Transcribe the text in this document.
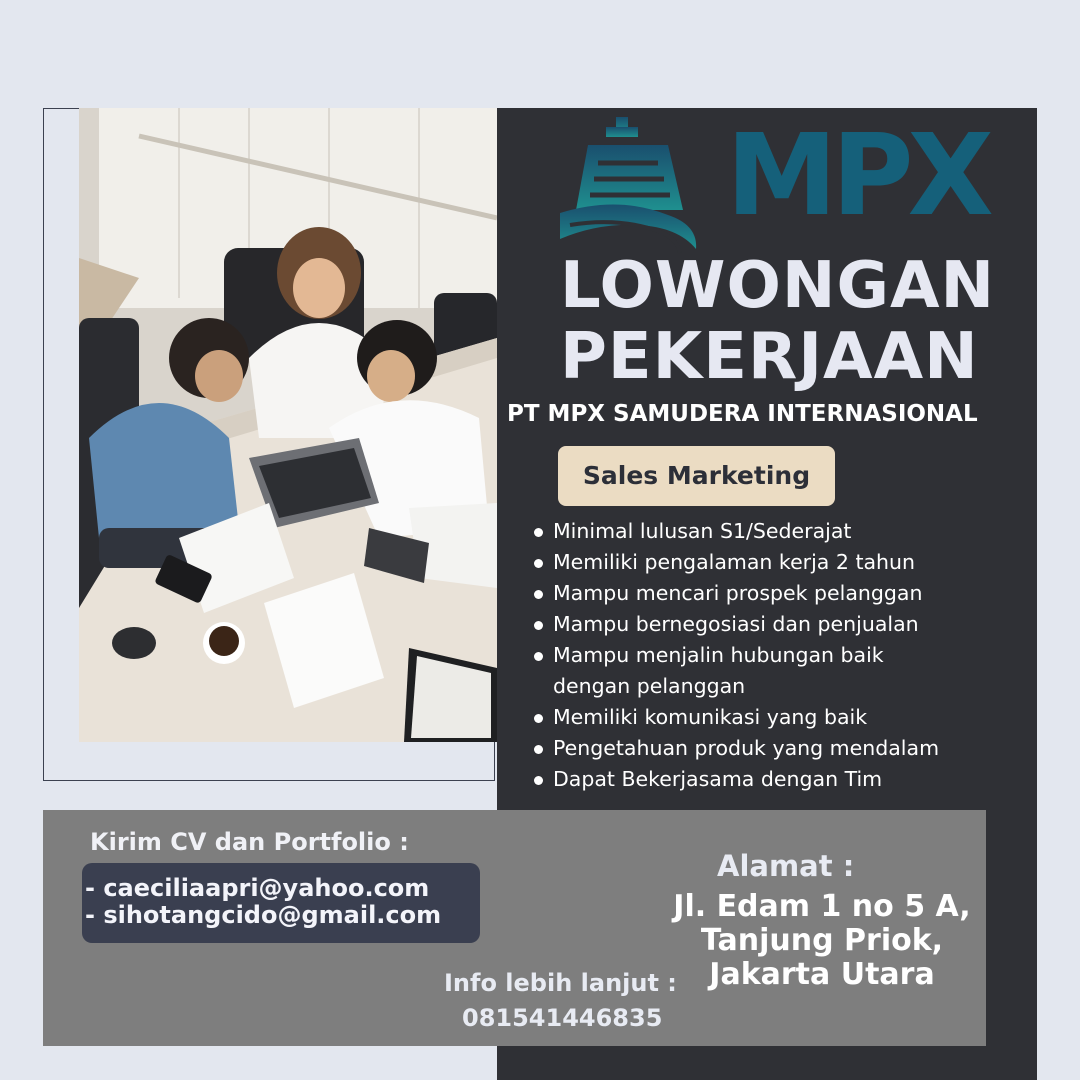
MPX

LOWONGAN
PEKERJAAN

PT MPX SAMUDERA INTERNASIONAL

Sales Marketing
Minimal lulusan S1/Sederajat
Memiliki pengalaman kerja 2 tahun
Mampu mencari prospek pelanggan
Mampu bernegosiasi dan penjualan
Mampu menjalin hubungan baik dengan pelanggan
Memiliki komunikasi yang baik
Pengetahuan produk yang mendalam
Dapat Bekerjasama dengan Tim

Kirim CV dan Portfolio :

- caeciliaapri@yahoo.com

- sihotangcido@gmail.com

Alamat :

Jl. Edam 1 no 5 A,
Tanjung Priok,
Jakarta Utara

Info lebih lanjut :

081541446835
